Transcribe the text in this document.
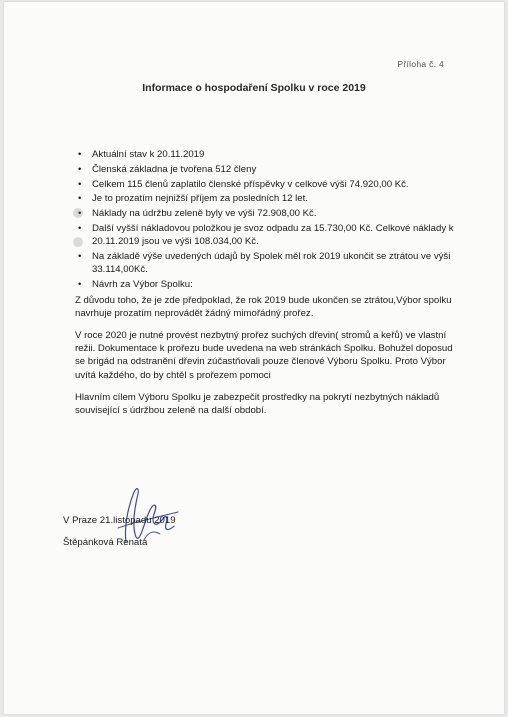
Příloha č. 4
Informace o hospodaření Spolku v roce 2019
• Aktuální stav k 20.11.2019
• Členská základna je tvořena 512 členy
• Celkem 115 členů zaplatilo členské příspěvky v celkové výši 74.920,00 Kč.
• Je to prozatím nejnižší příjem za posledních 12 let.
• Náklady na údržbu zeleně byly ve výši 72.908,00 Kč.
• Další vyšší nákladovou položkou je svoz odpadu za 15.730,00 Kč. Celkové náklady k 20.11.2019 jsou ve výši 108.034,00 Kč.
• Na základě výše uvedených údajů by Spolek měl rok 2019 ukončit se ztrátou ve výši 33.114,00Kč.
• Návrh za Výbor Spolku:

Z důvodu toho, že je zde předpoklad, že rok 2019 bude ukončen se ztrátou,Výbor spolku navrhuje prozatím neprovádět žádný mimořádný prořez.

V roce 2020 je nutné provést nezbytný prořez suchých dřevin( stromů a keřů) ve vlastní režii. Dokumentace k prořezu bude uvedena na web stránkách Spolku. Bohužel doposud se brigád na odstranění dřevin zúčastňovali pouze členové Výboru Spolku. Proto Výbor uvítá každého, do by chtěl s prořezem pomoci

Hlavním cílem Výboru Spolku je zabezpečit prostředky na pokrytí nezbytných nákladů související s údržbou zeleně na další období.

V Praze 21.listopadu 2019
Štěpánková Renata
